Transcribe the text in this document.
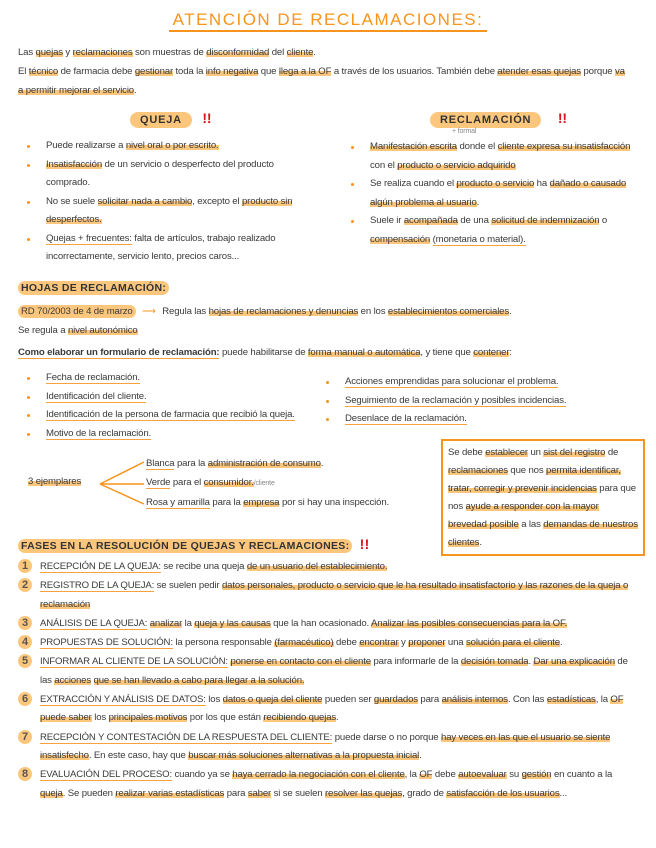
ATENCIÓN DE RECLAMACIONES:
Las quejas y reclamaciones son muestras de disconformidad del cliente.
El técnico de farmacia debe gestionar toda la info negativa que llega a la OF a través de los usuarios. También debe atender esas quejas porque va a permitir mejorar el servicio.
QUEJA !!
Puede realizarse a nivel oral o por escrito.
Insatisfacción de un servicio o desperfecto del producto comprado.
No se suele solicitar nada a cambio, excepto el producto sin desperfectos.
Quejas + frecuentes: falta de artículos, trabajo realizado incorrectamente, servicio lento, precios caros...
RECLAMACIÓN !!
+ formal
Manifestación escrita donde el cliente expresa su insatisfacción con el producto o servicio adquirido
Se realiza cuando el producto o servicio ha dañado o causado algún problema al usuario.
Suele ir acompañada de una solicitud de indemnización o compensación (monetaria o material).
HOJAS DE RECLAMACIÓN:
RD 70/2003 de 4 de marzo ⟶ Regula las hojas de reclamaciones y denuncias en los establecimientos comerciales.
Se regula a nivel autonómico
Como elaborar un formulario de reclamación: puede habilitarse de forma manual o automática, y tiene que contener:
Fecha de reclamación.
Identificación del cliente.
Identificación de la persona de farmacia que recibió la queja.
Motivo de la reclamación.
Acciones emprendidas para solucionar el problema.
Seguimiento de la reclamación y posibles incidencias.
Desenlace de la reclamación.
3 ejemplares
Blanca para la administración de consumo.
Verde para el consumidor./cliente
Rosa y amarilla para la empresa por si hay una inspección.
Se debe establecer un sist del registro de reclamaciones que nos permita identificar, tratar, corregir y prevenir incidencias para que nos ayude a responder con la mayor brevedad posible a las demandas de nuestros clientes.
FASES EN LA RESOLUCIÓN DE QUEJAS Y RECLAMACIONES: !!
1	RECEPCIÓN DE LA QUEJA: se recibe una queja de un usuario del establecimiento.
2	REGISTRO DE LA QUEJA: se suelen pedir datos personales, producto o servicio que le ha resultado insatisfactorio y las razones de la queja o reclamación
3	ANÁLISIS DE LA QUEJA: analizar la queja y las causas que la han ocasionado. Analizar las posibles consecuencias para la OF.
4	PROPUESTAS DE SOLUCIÓN: la persona responsable (farmacéutico) debe encontrar y proponer una solución para el cliente.
5	INFORMAR AL CLIENTE DE LA SOLUCIÓN: ponerse en contacto con el cliente para informarle de la decisión tomada. Dar una explicación de las acciones que se han llevado a cabo para llegar a la solución.
6	EXTRACCIÓN Y ANÁLISIS DE DATOS: los datos o queja del cliente pueden ser guardados para análisis internos. Con las estadísticas, la OF puede saber los principales motivos por los que están recibiendo quejas.
7	RECEPCIÓN Y CONTESTACIÓN DE LA RESPUESTA DEL CLIENTE: puede darse o no porque hay veces en las que el usuario se siente insatisfecho. En este caso, hay que buscar más soluciones alternativas a la propuesta inicial.
8	EVALUACIÓN DEL PROCESO: cuando ya se haya cerrado la negociación con el cliente, la OF debe autoevaluar su gestión en cuanto a la queja. Se pueden realizar varias estadísticas para saber si se suelen resolver las quejas, grado de satisfacción de los usuarios...
